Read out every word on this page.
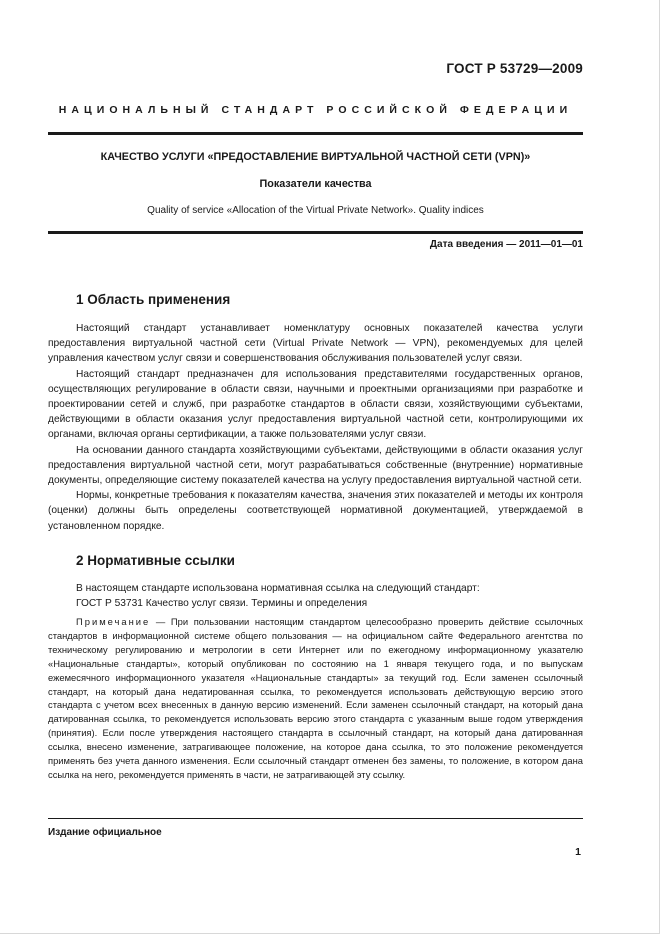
ГОСТ Р 53729—2009
НАЦИОНАЛЬНЫЙ СТАНДАРТ РОССИЙСКОЙ ФЕДЕРАЦИИ
КАЧЕСТВО УСЛУГИ «ПРЕДОСТАВЛЕНИЕ ВИРТУАЛЬНОЙ ЧАСТНОЙ СЕТИ (VPN)»
Показатели качества
Quality of service «Allocation of the Virtual Private Network». Quality indices
Дата введения — 2011—01—01
1 Область применения

Настоящий стандарт устанавливает номенклатуру основных показателей качества услуги предоставления виртуальной частной сети (Virtual Private Network — VPN), рекомендуемых для целей управления качеством услуг связи и совершенствования обслуживания пользователей услуг связи.

Настоящий стандарт предназначен для использования представителями государственных органов, осуществляющих регулирование в области связи, научными и проектными организациями при разработке и проектировании сетей и служб, при разработке стандартов в области связи, хозяйствующими субъектами, действующими в области оказания услуг предоставления виртуальной частной сети, контролирующими их органами, включая органы сертификации, а также пользователями услуг связи.

На основании данного стандарта хозяйствующими субъектами, действующими в области оказания услуг предоставления виртуальной частной сети, могут разрабатываться собственные (внутренние) нормативные документы, определяющие систему показателей качества на услугу предоставления виртуальной частной сети.

Нормы, конкретные требования к показателям качества, значения этих показателей и методы их контроля (оценки) должны быть определены соответствующей нормативной документацией, утверждаемой в установленном порядке.

2 Нормативные ссылки

В настоящем стандарте использована нормативная ссылка на следующий стандарт:

ГОСТ Р 53731 Качество услуг связи. Термины и определения

Примечание — При пользовании настоящим стандартом целесообразно проверить действие ссылочных стандартов в информационной системе общего пользования — на официальном сайте Федерального агентства по техническому регулированию и метрологии в сети Интернет или по ежегодному информационному указателю «Национальные стандарты», который опубликован по состоянию на 1 января текущего года, и по выпускам ежемесячного информационного указателя «Национальные стандарты» за текущий год. Если заменен ссылочный стандарт, на который дана недатированная ссылка, то рекомендуется использовать действующую версию этого стандарта с учетом всех внесенных в данную версию изменений. Если заменен ссылочный стандарт, на который дана датированная ссылка, то рекомендуется использовать версию этого стандарта с указанным выше годом утверждения (принятия). Если после утверждения настоящего стандарта в ссылочный стандарт, на который дана датированная ссылка, внесено изменение, затрагивающее положение, на которое дана ссылка, то это положение рекомендуется применять без учета данного изменения. Если ссылочный стандарт отменен без замены, то положение, в котором дана ссылка на него, рекомендуется применять в части, не затрагивающей эту ссылку.

Издание официальное
1
